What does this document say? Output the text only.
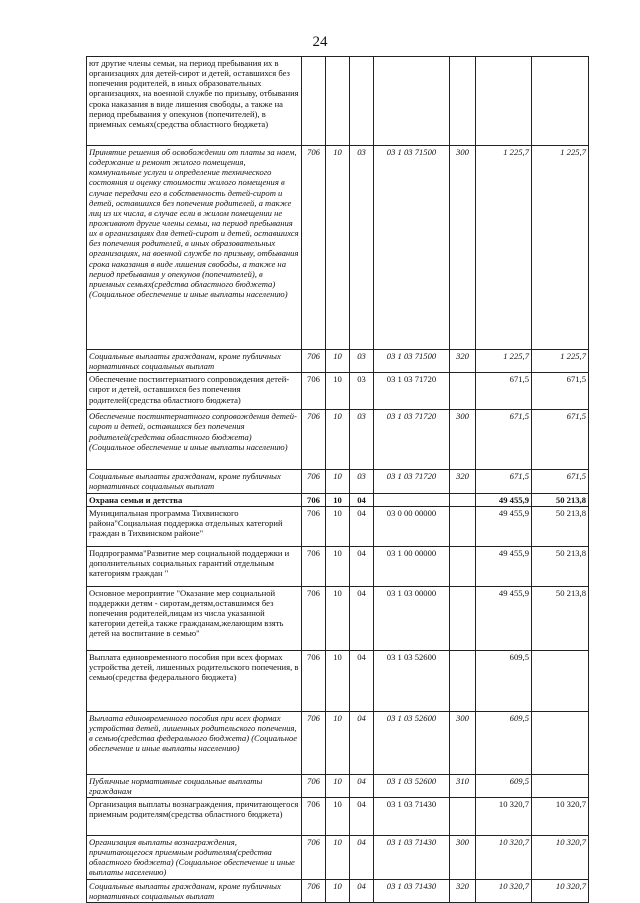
24
ют другие члены семьи, на период пребывания их в организациях для детей-сирот и детей, оставшихся без попечения родителей, в иных образовательных организациях, на военной службе по призыву, отбывания срока наказания в виде лишения свободы, а также на период пребывания у опекунов (попечителей), в приемных семьях(средства областного бюджета)							
Принятие решения об освобождении от платы за наем, содержание и ремонт жилого помещения, коммунальные услуги и определение технического состояния и оценку стоимости жилого помещения в случае передачи его в собственность детей-сирот и детей, оставшихся без попечения родителей, а также лиц из их числа, в случае если в жилом помещении не проживают другие члены семьи, на период пребывания их в организациях для детей-сирот и детей, оставшихся без попечения родителей, в иных образовательных организациях, на военной службе по призыву, отбывания срока наказания в виде лишения свободы, а также на период пребывания у опекунов (попечителей), в приемных семьях(средства областного бюджета) (Социальное обеспечение и иные выплаты населению)	706	10	03	03 1 03 71500	300	1 225,7	1 225,7
Социальные выплаты гражданам, кроме публичных нормативных социальных выплат	706	10	03	03 1 03 71500	320	1 225,7	1 225,7
Обеспечение постинтернатного сопровождения детей-сирот и детей, оставшихся без попечения родителей(средства областного бюджета)	706	10	03	03 1 03 71720		671,5	671,5
Обеспечение постинтернатного сопровождения детей-сирот и детей, оставшихся без попечения родителей(средства областного бюджета) (Социальное обеспечение и иные выплаты населению)	706	10	03	03 1 03 71720	300	671,5	671,5
Социальные выплаты гражданам, кроме публичных нормативных социальных выплат	706	10	03	03 1 03 71720	320	671,5	671,5
Охрана семьи и детства	706	10	04			49 455,9	50 213,8
Муниципальная программа Тихвинского района"Социальная поддержка отдельных категорий граждан в Тихвинском районе"	706	10	04	03 0 00 00000		49 455,9	50 213,8
Подпрограмма"Развитие мер социальной поддержки и дополнительных социальных гарантий отдельным категориям граждан "	706	10	04	03 1 00 00000		49 455,9	50 213,8
Основное мероприятие "Оказание мер социальной поддержки детям - сиротам,детям,оставшимся без попечения родителей,лицам из числа указанной категории детей,а также гражданам,желающим взять детей на воспитание в семью"	706	10	04	03 1 03 00000		49 455,9	50 213,8
Выплата единовременного пособия при всех формах устройства детей, лишенных родительского попечения, в семью(средства федерального бюджета)	706	10	04	03 1 03 52600		609,5	
Выплата единовременного пособия при всех формах устройства детей, лишенных родительского попечения, в семью(средства федерального бюджета) (Социальное обеспечение и иные выплаты населению)	706	10	04	03 1 03 52600	300	609,5	
Публичные нормативные социальные выплаты гражданам	706	10	04	03 1 03 52600	310	609,5	
Организация выплаты вознаграждения, причитающегося приемным родителям(средства областного бюджета)	706	10	04	03 1 03 71430		10 320,7	10 320,7
Организация выплаты вознаграждения, причитающегося приемным родителям(средства областного бюджета) (Социальное обеспечение и иные выплаты населению)	706	10	04	03 1 03 71430	300	10 320,7	10 320,7
Социальные выплаты гражданам, кроме публичных нормативных социальных выплат	706	10	04	03 1 03 71430	320	10 320,7	10 320,7
